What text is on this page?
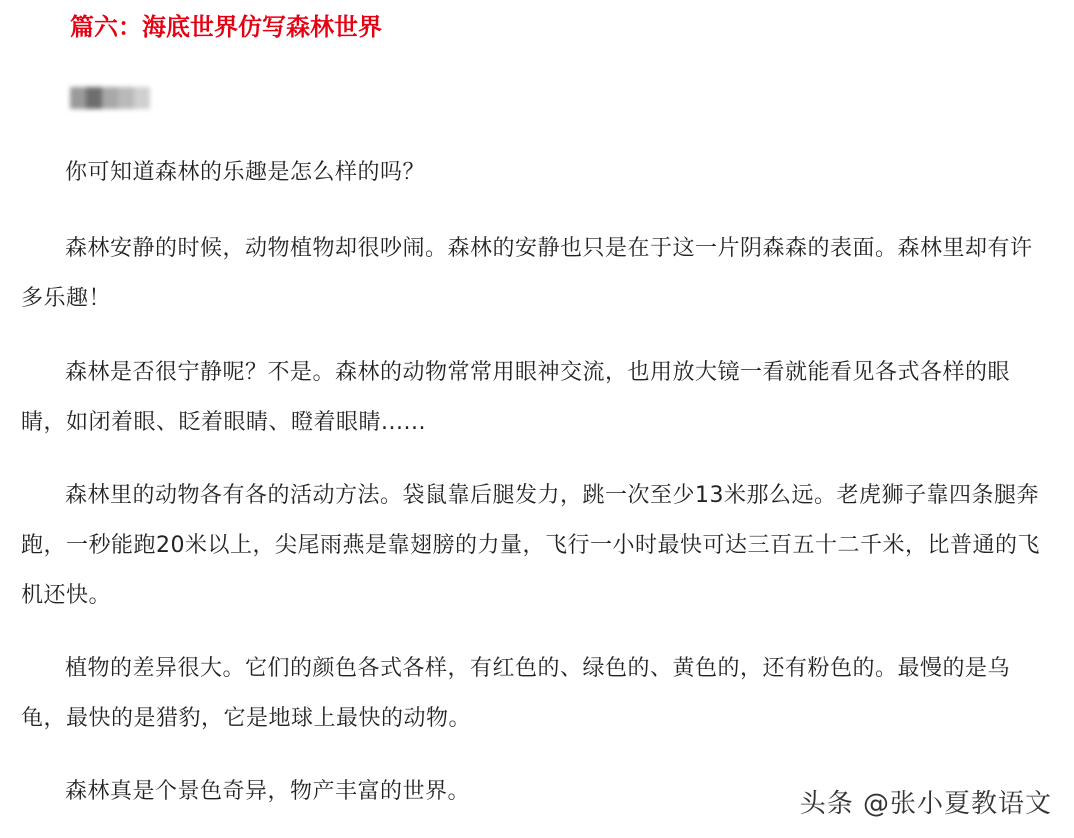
篇六：海底世界仿写森林世界

你可知道森林的乐趣是怎么样的吗？

森林安静的时候，动物植物却很吵闹。森林的安静也只是在于这一片阴森森的表面。森林里却有许多乐趣！

森林是否很宁静呢？不是。森林的动物常常用眼神交流，也用放大镜一看就能看见各式各样的眼睛，如闭着眼、眨着眼睛、瞪着眼睛......

森林里的动物各有各的活动方法。袋鼠靠后腿发力，跳一次至少13米那么远。老虎狮子靠四条腿奔跑，一秒能跑20米以上，尖尾雨燕是靠翅膀的力量，飞行一小时最快可达三百五十二千米，比普通的飞机还快。

植物的差异很大。它们的颜色各式各样，有红色的、绿色的、黄色的，还有粉色的。最慢的是乌龟，最快的是猎豹，它是地球上最快的动物。

森林真是个景色奇异，物产丰富的世界。	头条 @张小夏教语文
